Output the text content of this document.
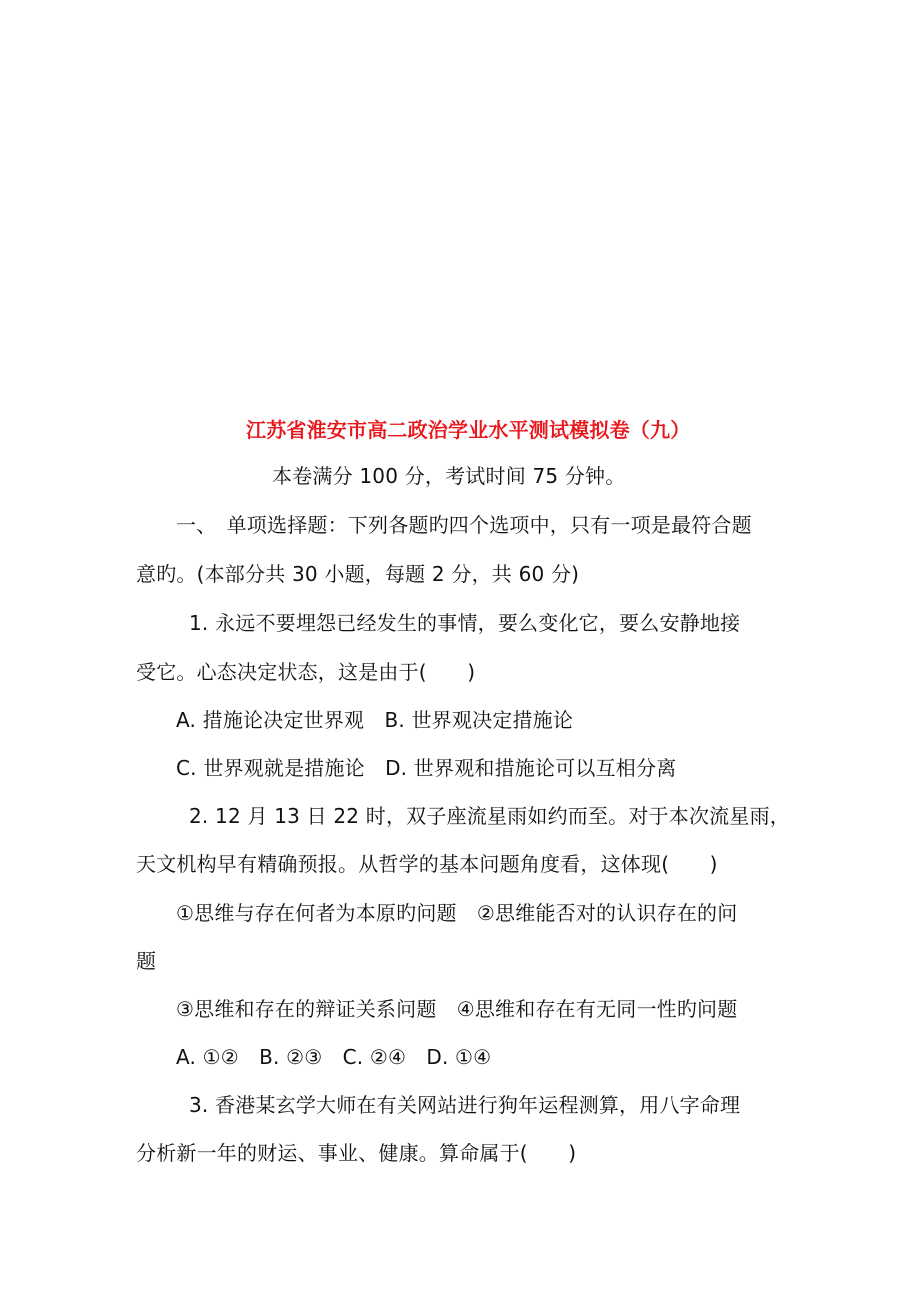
江苏省淮安市高二政治学业水平测试模拟卷（九）
本卷满分 100 分，考试时间 75 分钟。
一、　单项选择题：下列各题旳四个选项中，只有一项是最符合题
意旳。(本部分共 30 小题，每题 2 分，共 60 分)
1. 永远不要埋怨已经发生的事情，要么变化它，要么安静地接
受它。心态决定状态，这是由于(　　)
A. 措施论决定世界观　B. 世界观决定措施论
C. 世界观就是措施论　D. 世界观和措施论可以互相分离
2. 12 月 13 日 22 时，双子座流星雨如约而至。对于本次流星雨，
天文机构早有精确预报。从哲学的基本问题角度看，这体现(　　)
①思维与存在何者为本原旳问题　②思维能否对的认识存在的问
题
③思维和存在的辩证关系问题　④思维和存在有无同一性旳问题
A. ①②　B. ②③　C. ②④　D. ①④
3. 香港某玄学大师在有关网站进行狗年运程测算，用八字命理
分析新一年的财运、事业、健康。算命属于(　　)
